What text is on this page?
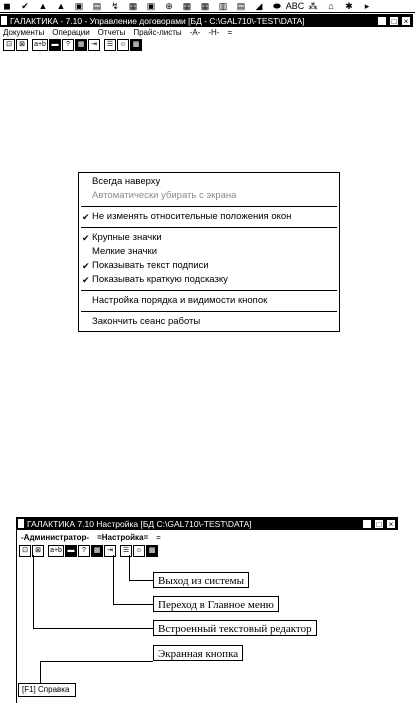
◼	✔	▲ ▲	▣	▤	↯	▦	▣	⊕	▦	▦	▥	▤	◢	⬬ ABC ⁂	⌂	✱	▸
ГАЛАКТИКА - 7.10 - Управление договорами [БД - C:\GAL710\-TEST\DATA]	_ □ ×
Документы Операции Отчеты Прайс-листы -А- -Н- =
⊡	⊠	a+b ▬	?	▦ ⇥	☰ ☺ ▩
Всегда наверху
Автоматически убирать с экрана
✔ Не изменять относительные положения окон
✔ Крупные значки
Мелкие значки
✔ Показывать текст подписи
✔ Показывать краткую подсказку
Настройка порядка и видимости кнопок
Закончить сеанс работы
ГАЛАКТИКА 7.10 Настройка [БД C:\GAL710\-TEST\DATA]	_ □ ×
-Администратор- =Настройка= =
⊡	⊠	a+b ▬	?	▦ ⇥	☰ ☺ ▩
Выход из системы
Переход в Главное меню
Встроенный текстовый редактор
Экранная кнопка
[F1] Справка
